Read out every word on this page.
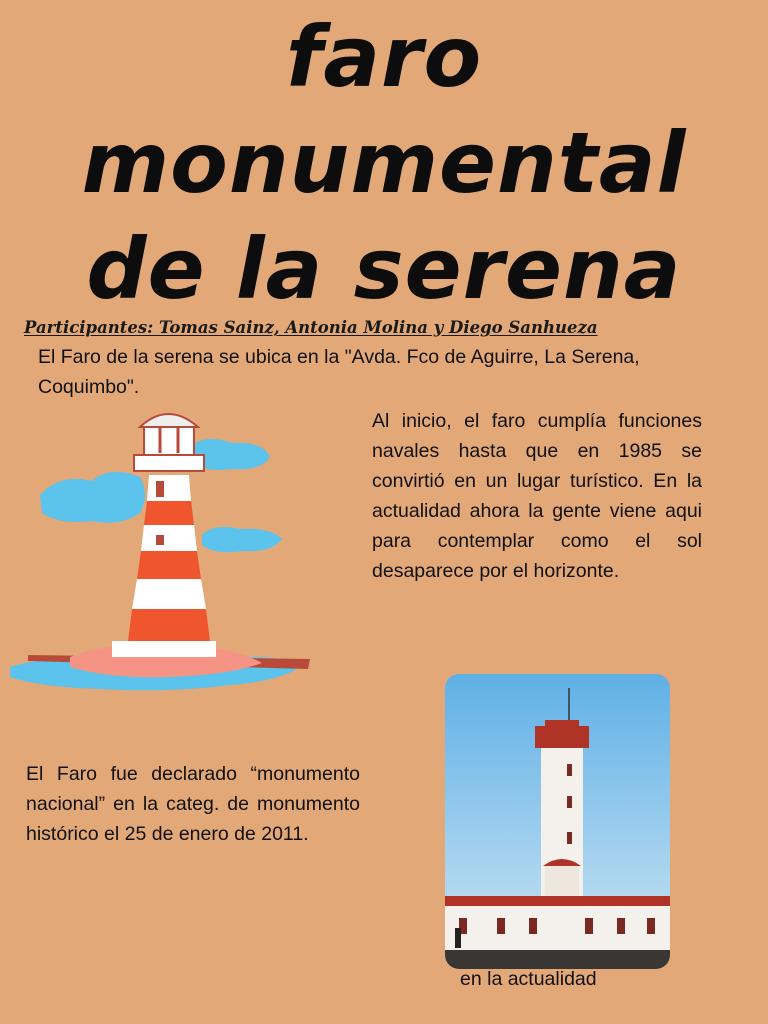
faro
monumental
de la serena
Participantes: Tomas Sainz, Antonia Molina y Diego Sanhueza
El Faro de la serena se ubica en la "Avda. Fco de Aguirre, La Serena, Coquimbo".
Al inicio, el faro cumplía funciones navales hasta que en 1985 se convirtió en un lugar turístico. En la actualidad ahora la gente viene aqui para contemplar como el sol desaparece por el horizonte.
El Faro fue declarado “monumento nacional” en la categ. de monumento histórico el 25 de enero de 2011.
en la actualidad
